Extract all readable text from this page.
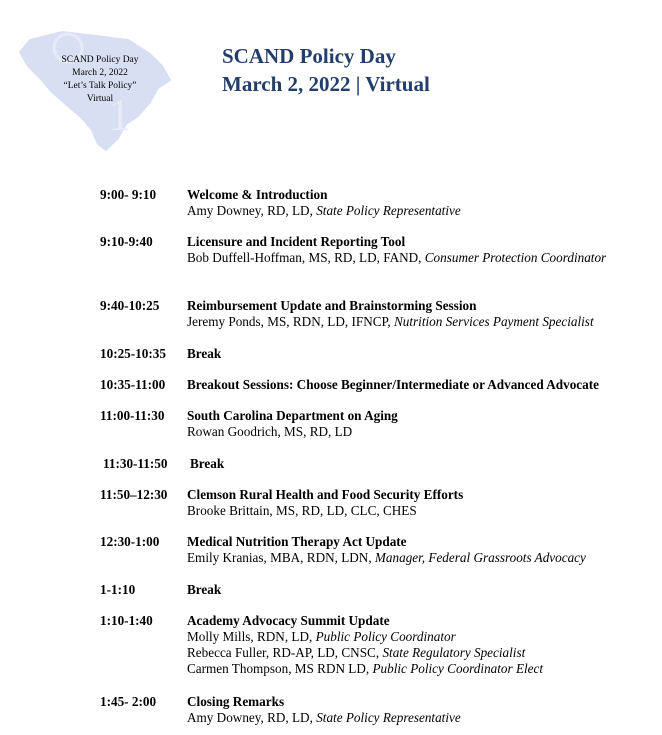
1
SCAND Policy Day
March 2, 2022
“Let’s Talk Policy”
Virtual
SCAND Policy Day
March 2, 2022 | Virtual
9:00- 9:10 Welcome & Introduction
Amy Downey, RD, LD, State Policy Representative
9:10-9:40	Licensure and Incident Reporting Tool
Bob Duffell-Hoffman, MS, RD, LD, FAND, Consumer Protection Coordinator
9:40-10:25 Reimbursement Update and Brainstorming Session
Jeremy Ponds, MS, RDN, LD, IFNCP, Nutrition Services Payment Specialist
10:25-10:35 Break
10:35-11:00 Breakout Sessions: Choose Beginner/Intermediate or Advanced Advocate
11:00-11:30 South Carolina Department on Aging
Rowan Goodrich, MS, RD, LD
11:30-11:50 Break
11:50–12:30 Clemson Rural Health and Food Security Efforts
Brooke Brittain, MS, RD, LD, CLC, CHES
12:30-1:00 Medical Nutrition Therapy Act Update
Emily Kranias, MBA, RDN, LDN, Manager, Federal Grassroots Advocacy
1-1:10	Break
1:10-1:40	Academy Advocacy Summit Update
Molly Mills, RDN, LD, Public Policy Coordinator
Rebecca Fuller, RD-AP, LD, CNSC, State Regulatory Specialist
Carmen Thompson, MS RDN LD, Public Policy Coordinator Elect
1:45- 2:00 Closing Remarks
Amy Downey, RD, LD, State Policy Representative
